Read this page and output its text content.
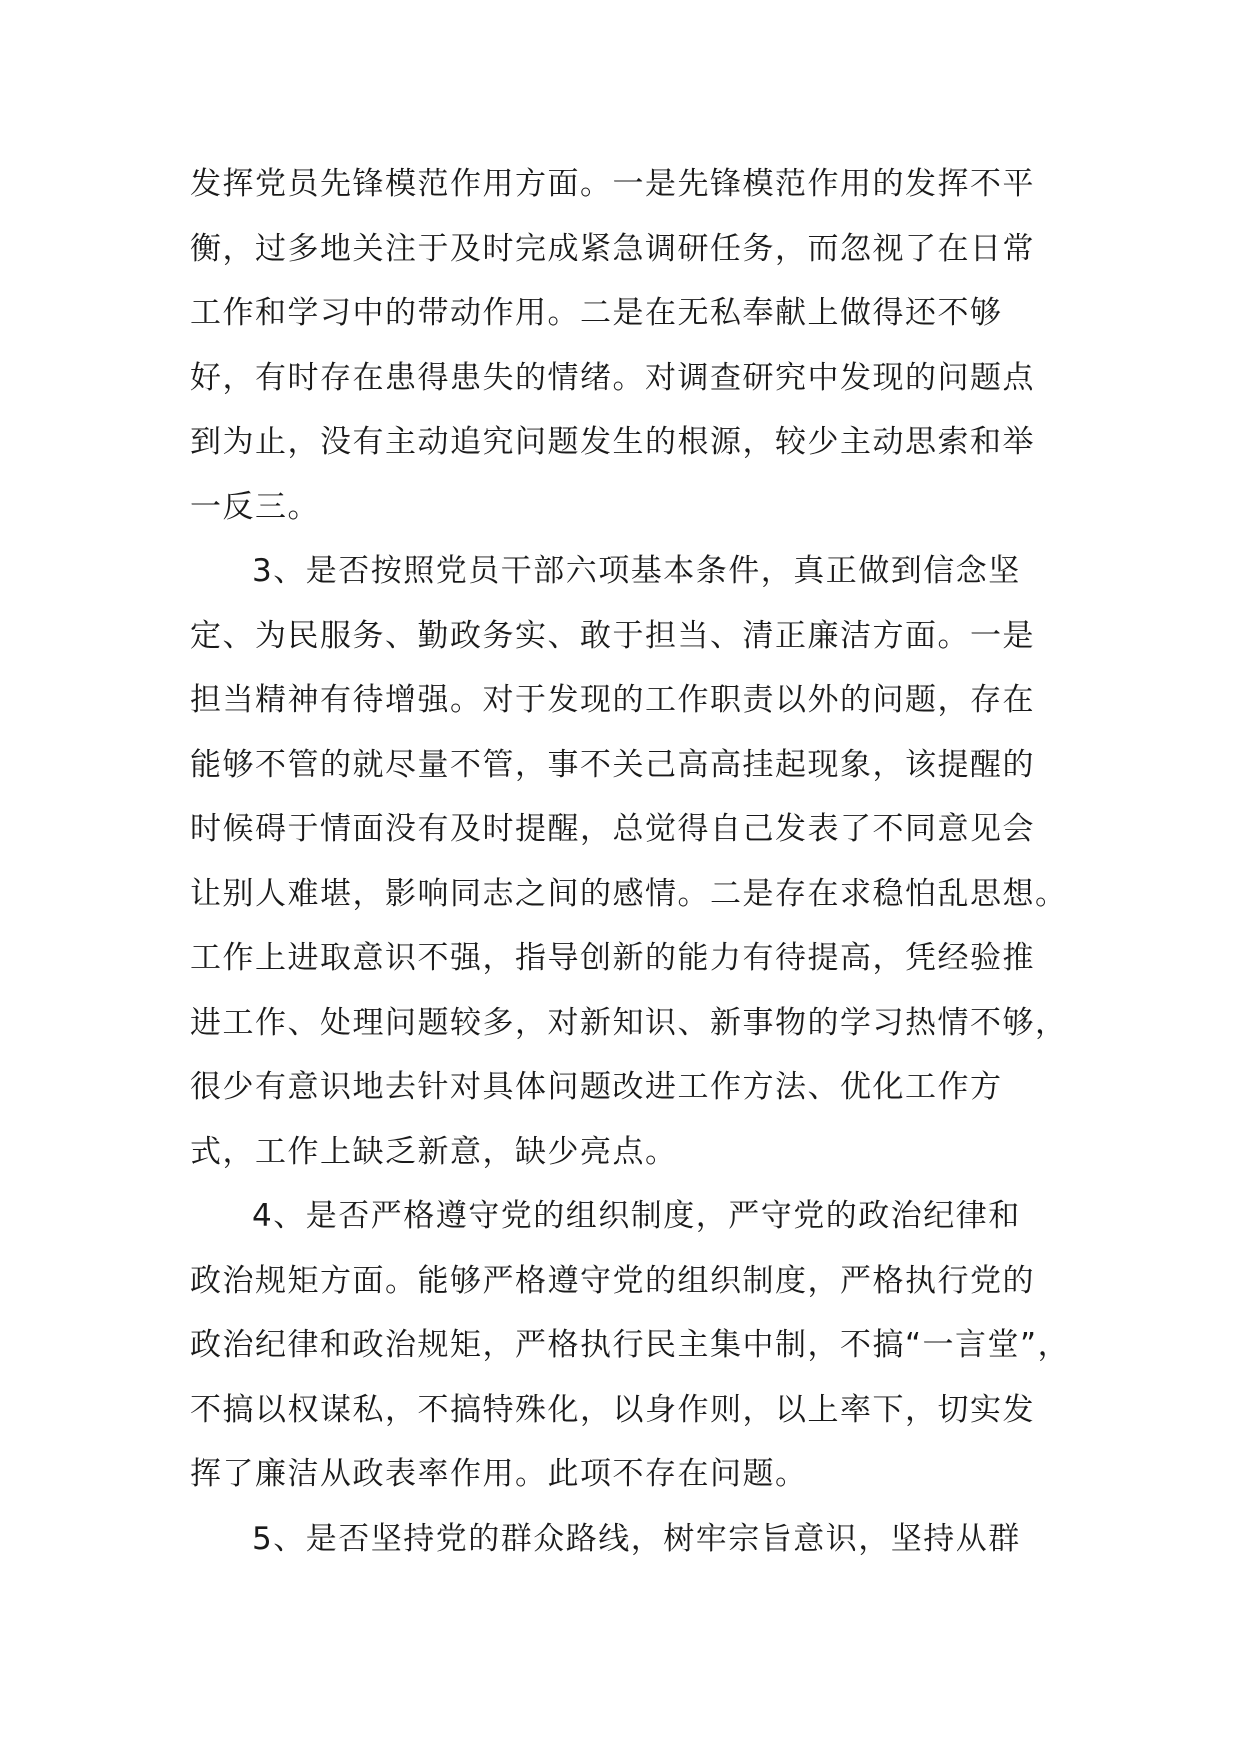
发挥党员先锋模范作用方面。一是先锋模范作用的发挥不平
衡，过多地关注于及时完成紧急调研任务，而忽视了在日常
工作和学习中的带动作用。二是在无私奉献上做得还不够
好，有时存在患得患失的情绪。对调查研究中发现的问题点
到为止，没有主动追究问题发生的根源，较少主动思索和举
一反三。
3、是否按照党员干部六项基本条件，真正做到信念坚
定、为民服务、勤政务实、敢于担当、清正廉洁方面。一是
担当精神有待增强。对于发现的工作职责以外的问题，存在
能够不管的就尽量不管，事不关己高高挂起现象，该提醒的
时候碍于情面没有及时提醒，总觉得自己发表了不同意见会
让别人难堪，影响同志之间的感情。二是存在求稳怕乱思想。
工作上进取意识不强，指导创新的能力有待提高，凭经验推
进工作、处理问题较多，对新知识、新事物的学习热情不够，
很少有意识地去针对具体问题改进工作方法、优化工作方
式，工作上缺乏新意，缺少亮点。
4、是否严格遵守党的组织制度，严守党的政治纪律和
政治规矩方面。能够严格遵守党的组织制度，严格执行党的
政治纪律和政治规矩，严格执行民主集中制，不搞“一言堂”，
不搞以权谋私，不搞特殊化，以身作则，以上率下，切实发
挥了廉洁从政表率作用。此项不存在问题。
5、是否坚持党的群众路线，树牢宗旨意识，坚持从群
